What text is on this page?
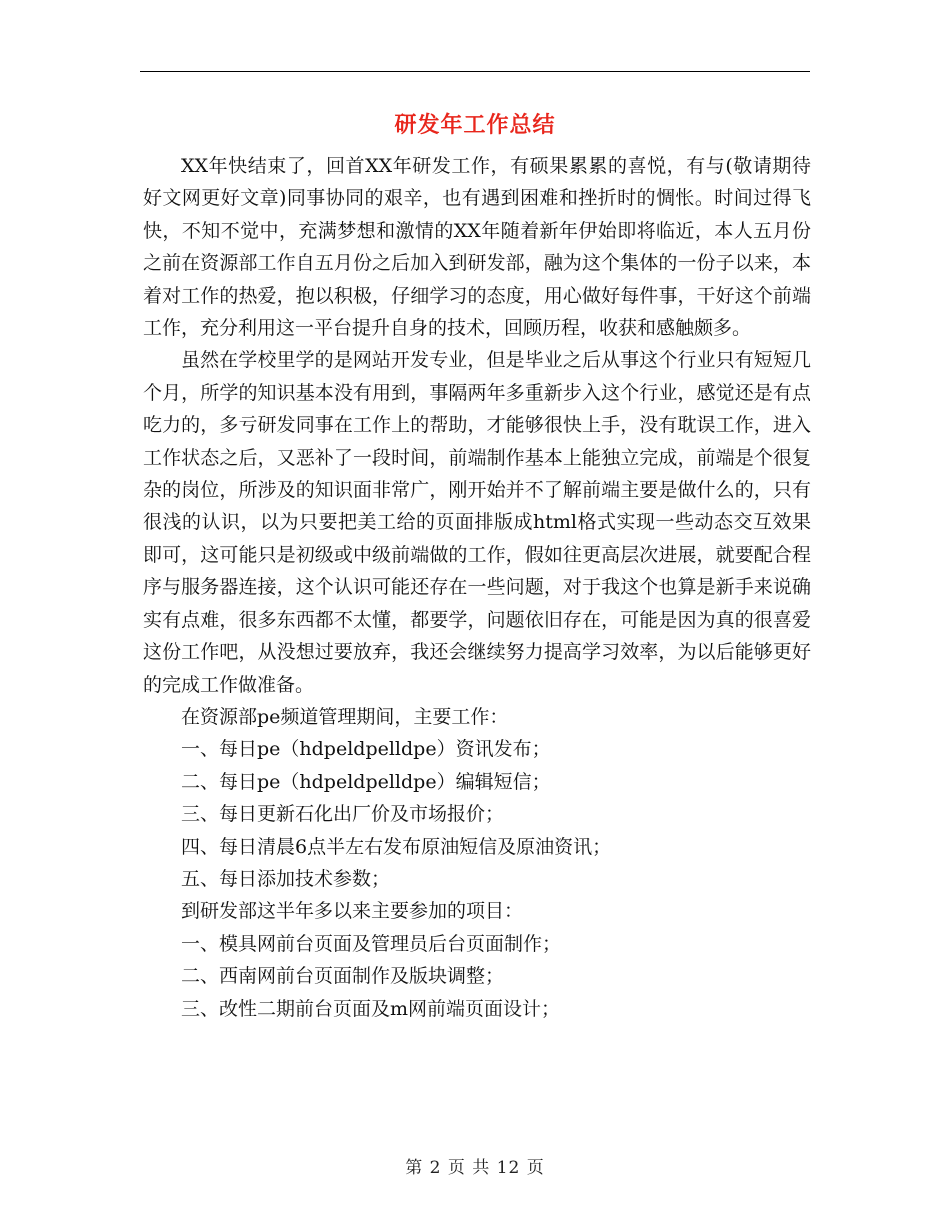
研发年工作总结

XX年快结束了，回首XX年研发工作，有硕果累累的喜悦，有与(敬请期待好文网更好文章)同事协同的艰辛，也有遇到困难和挫折时的惆怅。时间过得飞快，不知不觉中，充满梦想和激情的XX年随着新年伊始即将临近，本人五月份之前在资源部工作自五月份之后加入到研发部，融为这个集体的一份子以来，本着对工作的热爱，抱以积极，仔细学习的态度，用心做好每件事，干好这个前端工作，充分利用这一平台提升自身的技术，回顾历程，收获和感触颇多。

虽然在学校里学的是网站开发专业，但是毕业之后从事这个行业只有短短几个月，所学的知识基本没有用到，事隔两年多重新步入这个行业，感觉还是有点吃力的，多亏研发同事在工作上的帮助，才能够很快上手，没有耽误工作，进入工作状态之后，又恶补了一段时间，前端制作基本上能独立完成，前端是个很复杂的岗位，所涉及的知识面非常广，刚开始并不了解前端主要是做什么的，只有很浅的认识，以为只要把美工给的页面排版成html格式实现一些动态交互效果即可，这可能只是初级或中级前端做的工作，假如往更高层次进展，就要配合程序与服务器连接，这个认识可能还存在一些问题，对于我这个也算是新手来说确实有点难，很多东西都不太懂，都要学，问题依旧存在，可能是因为真的很喜爱这份工作吧，从没想过要放弃，我还会继续努力提高学习效率，为以后能够更好的完成工作做准备。

在资源部pe频道管理期间，主要工作：

一、每日pe（hdpeldpelldpe）资讯发布；

二、每日pe（hdpeldpelldpe）编辑短信；

三、每日更新石化出厂价及市场报价；

四、每日清晨6点半左右发布原油短信及原油资讯；

五、每日添加技术参数；

到研发部这半年多以来主要参加的项目：

一、模具网前台页面及管理员后台页面制作；

二、西南网前台页面制作及版块调整；

三、改性二期前台页面及m网前端页面设计；

第 2 页 共 12 页
